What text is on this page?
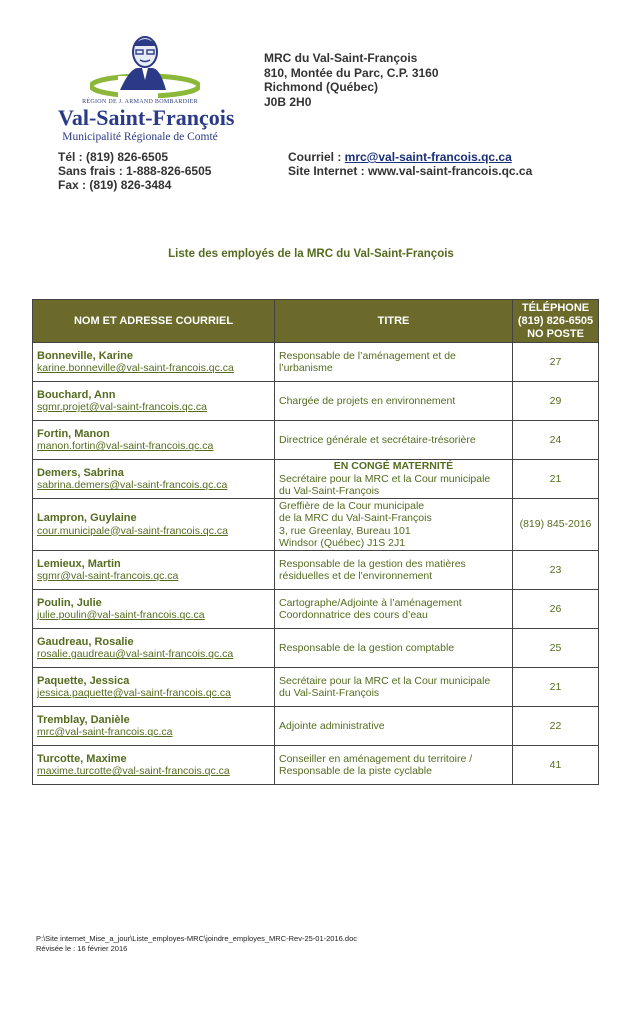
RÉGION DE J. ARMAND BOMBARDIER
Val-Saint-François
Municipalité Régionale de Comté
MRC du Val-Saint-François
810, Montée du Parc, C.P. 3160
Richmond (Québec)
J0B 2H0
Tél : (819) 826-6505
Sans frais : 1-888-826-6505
Fax : (819) 826-3484
Courriel : mrc@val-saint-francois.qc.ca
Site Internet : www.val-saint-francois.qc.ca
Liste des employés de la MRC du Val-Saint-François
NOM ET ADRESSE COURRIEL	TITRE	TÉLÉPHONE
(819) 826-6505
NO POSTE

Bonneville, Karine
karine.bonneville@val-saint-francois.qc.ca	Responsable de l’aménagement et de
l’urbanisme	27

Bouchard, Ann
sgmr.projet@val-saint-francois.qc.ca	Chargée de projets en environnement	29

Fortin, Manon
manon.fortin@val-saint-francois.qc.ca	Directrice générale et secrétaire-trésorière	24

Demers, Sabrina
sabrina.demers@val-saint-francois.qc.ca	EN CONGÉ MATERNITÉ
Secrétaire pour la MRC et la Cour municipale
du Val-Saint-François	21

Lampron, Guylaine
cour.municipale@val-saint-francois.qc.ca	Greffière de la Cour municipale
de la MRC du Val-Saint-François
3, rue Greenlay, Bureau 101
Windsor (Québec) J1S 2J1	(819) 845-2016

Lemieux, Martin
sgmr@val-saint-francois.qc.ca	Responsable de la gestion des matières
résiduelles et de l'environnement	23

Poulin, Julie
julie.poulin@val-saint-francois.qc.ca	Cartographe/Adjointe à l’aménagement
Coordonnatrice des cours d’eau	26

Gaudreau, Rosalie
rosalie.gaudreau@val-saint-francois.qc.ca	Responsable de la gestion comptable	25

Paquette, Jessica
jessica.paquette@val-saint-francois.qc.ca	Secrétaire pour la MRC et la Cour municipale
du Val-Saint-François	21

Tremblay, Danièle
mrc@val-saint-francois.qc.ca	Adjointe administrative	22

Turcotte, Maxime
maxime.turcotte@val-saint-francois.qc.ca	Conseiller en aménagement du territoire /
Responsable de la piste cyclable	41
P:\Site internet_Mise_a_jour\Liste_employes-MRC\joindre_employes_MRC-Rev-25-01-2016.doc
Révisée le : 16 février 2016
